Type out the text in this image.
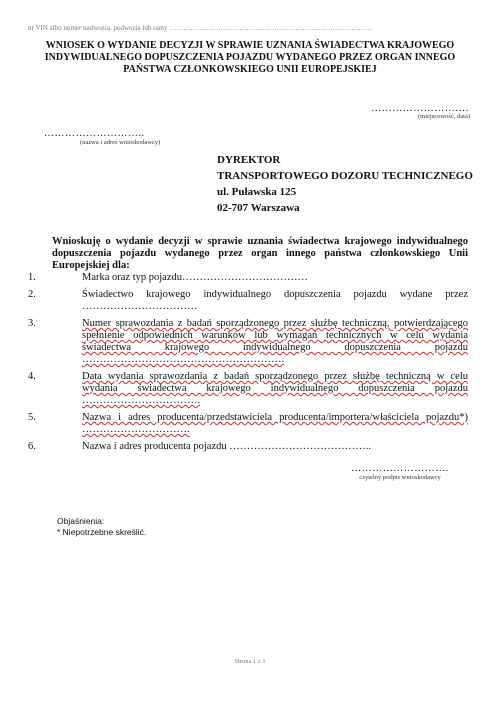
nr VIN albo numer nadwozia, podwozia lub ramy ……………………………………………………………………………
WNIOSEK O WYDANIE DECYZJI W SPRAWIE UZNANIA ŚWIADECTWA KRAJOWEGO INDYWIDUALNEGO DOPUSZCZENIA POJAZDU WYDANEGO PRZEZ ORGAN INNEGO PAŃSTWA CZŁONKOWSKIEGO UNII EUROPEJSKIEJ
……………………….
(miejscowość, data)
………………………..
(nazwa i adres wnioskodawcy)
DYREKTOR
TRANSPORTOWEGO DOZORU TECHNICZNEGO
ul. Puławska 125
02-707 Warszawa
Wnioskuję o wydanie decyzji w sprawie uznania świadectwa krajowego indywidualnego dopuszczenia pojazdu wydanego przez organ innego państwa członkowskiego Unii Europejskiej dla:
1.	Marka oraz typ pojazdu………………………………
2.	Świadectwo krajowego indywidualnego dopuszczenia pojazdu wydane przez ……………………………
3.	Numer sprawozdania z badań sporządzonego przez służbę techniczną, potwierdzającego spełnienie odpowiednich warunków lub wymagań technicznych w celu wydania świadectwa krajowego indywidualnego dopuszczenia pojazdu ………………………………………………….
4.	Data wydania sprawozdania z badań sporządzonego przez służbę techniczną w celu wydania świadectwa krajowego indywidualnego dopuszczenia pojazdu …………………………….
5.	Nazwa i adres producenta/przedstawiciela producenta/importera/właściciela pojazdu*) ………………………….
6.	Nazwa i adres producenta pojazdu …………………………………..
……………………….
czytelny podpis wnioskodawcy
Objaśnienia:
* Niepotrzebne skreślić.
Strona 1 z 1
